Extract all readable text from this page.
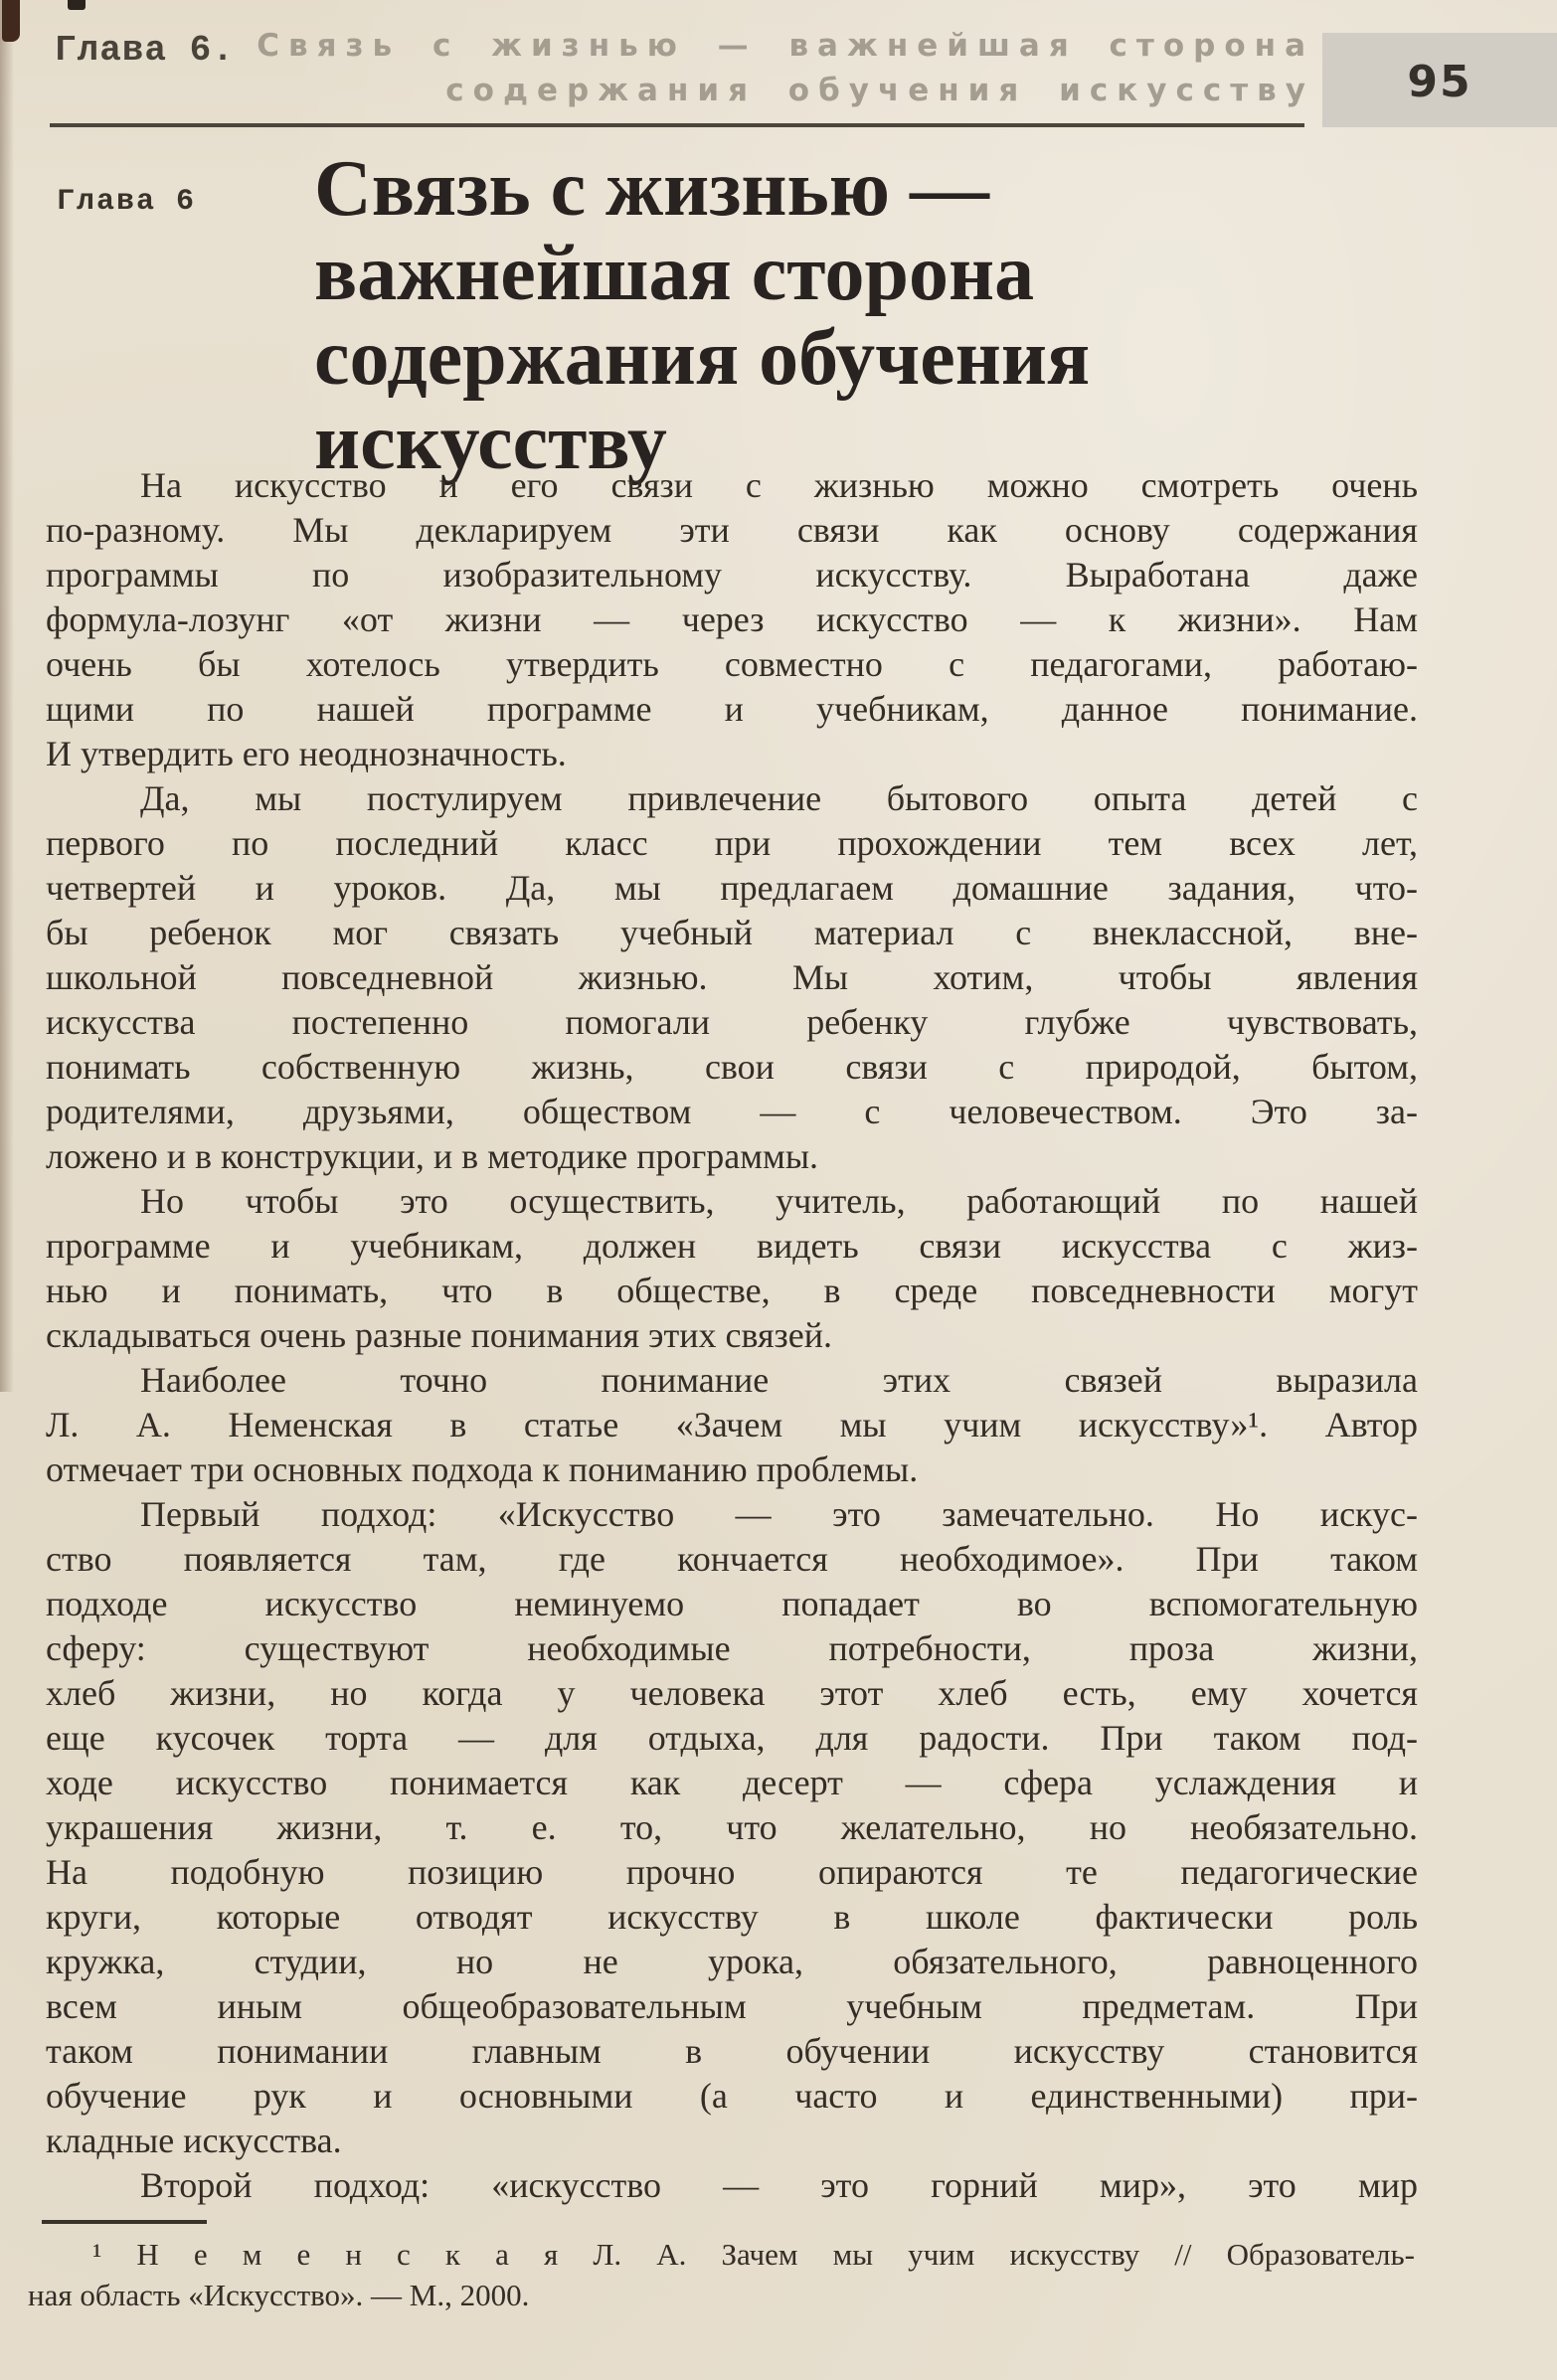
Глава 6. Связь с жизнью — важнейшая сторона
содержания обучения искусству	95
Глава 6 Связь с жизнью —
важнейшая сторона
содержания обучения
искусству
На искусство и его связи с жизнью можно смотреть очень
по-разному. Мы декларируем эти связи как основу содержания
программы по изобразительному искусству. Выработана даже
формула-лозунг «от жизни — через искусство — к жизни». Нам
очень бы хотелось утвердить совместно с педагогами, работаю-
щими по нашей программе и учебникам, данное понимание.
И утвердить его неоднозначность.
Да, мы постулируем привлечение бытового опыта детей с
первого по последний класс при прохождении тем всех лет,
четвертей и уроков. Да, мы предлагаем домашние задания, что-
бы ребенок мог связать учебный материал с внеклассной, вне-
школьной повседневной жизнью. Мы хотим, чтобы явления
искусства постепенно помогали ребенку глубже чувствовать,
понимать собственную жизнь, свои связи с природой, бытом,
родителями, друзьями, обществом — с человечеством. Это за-
ложено и в конструкции, и в методике программы.
Но чтобы это осуществить, учитель, работающий по нашей
программе и учебникам, должен видеть связи искусства с жиз-
нью и понимать, что в обществе, в среде повседневности могут
складываться очень разные понимания этих связей.
Наиболее точно понимание этих связей выразила
Л. А. Неменская в статье «Зачем мы учим искусству»¹. Автор
отмечает три основных подхода к пониманию проблемы.
Первый подход: «Искусство — это замечательно. Но искус-
ство появляется там, где кончается необходимое». При таком
подходе искусство неминуемо попадает во вспомогательную
сферу: существуют необходимые потребности, проза жизни,
хлеб жизни, но когда у человека этот хлеб есть, ему хочется
еще кусочек торта — для отдыха, для радости. При таком под-
ходе искусство понимается как десерт — сфера услаждения и
украшения жизни, т. е. то, что желательно, но необязательно.
На подобную позицию прочно опираются те педагогические
круги, которые отводят искусству в школе фактически роль
кружка, студии, но не урока, обязательного, равноценного
всем иным общеобразовательным учебным предметам. При
таком понимании главным в обучении искусству становится
обучение рук и основными (а часто и единственными) при-
кладные искусства.
Второй подход: «искусство — это горний мир», это мир
¹ Н е м е н с к а я Л. А. Зачем мы учим искусству // Образователь-
ная область «Искусство». — М., 2000.
